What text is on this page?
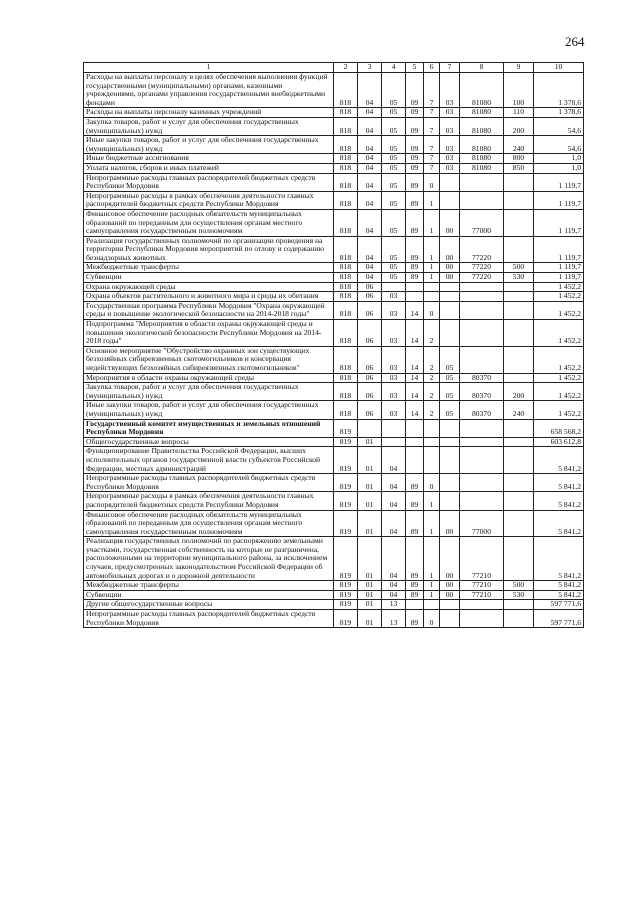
264
1	2	3	4	5	6	7	8	9	10
Расходы на выплаты персоналу в целях обеспечения выполнения функций государственными (муниципальными) органами, казенными учреждениями, органами управления государственными внебюджетными фондами	818	04	05	09	7	03	81080	100	1 378,6
Расходы на выплаты персоналу казенных учреждений	818	04	05	09	7	03	81080	110	1 378,6
Закупка товаров, работ и услуг для обеспечения государственных (муниципальных) нужд	818	04	05	09	7	03	81080	200	54,6
Иные закупки товаров, работ и услуг для обеспечения государственных (муниципальных) нужд	818	04	05	09	7	03	81080	240	54,6
Иные бюджетные ассигнования	818	04	05	09	7	03	81080	800	1,0
Уплата налогов, сборов и иных платежей	818	04	05	09	7	03	81080	850	1,0
Непрограммные расходы главных распорядителей бюджетных средств Республики Мордовия	818	04	05	89	0				1 119,7
Непрограммные расходы в рамках обеспечения деятельности главных распорядителей бюджетных средств Республики Мордовия	818	04	05	89	1				1 119,7
Финансовое обеспечение расходных обязательств муниципальных образований по переданным для осуществления органам местного самоуправления государственным полномочиям	818	04	05	89	1	00	77000		1 119,7
Реализация государственных полномочий по организации проведения на территории Республики Мордовия мероприятий по отлову и содержанию безнадзорных животных	818	04	05	89	1	00	77220		1 119,7
Межбюджетные трансферты	818	04	05	89	1	00	77220	500	1 119,7
Субвенции	818	04	05	89	1	00	77220	530	1 119,7
Охрана окружающей среды	818	06							1 452,2
Охрана объектов растительного и животного мира и среды их обитания	818	06	03						1 452,2
Государственная программа Республики Мордовия "Охрана окружающей среды и повышение экологической безопасности на 2014-2018 годы"	818	06	03	14	0				1 452,2
Подпрограмма "Мероприятия в области охраны окружающей среды и повышения экологической безопасности Республики Мордовия на 2014-2018 годы"	818	06	03	14	2				1 452,2
Основное мероприятие "Обустройство охранных зон существующих безхозяйных сибиреязвенных скотомогильников и консервация недействующих безхозяйных сибиреязвенных скотомогильников"	818	06	03	14	2	05			1 452,2
Мероприятия в области охраны окружающей среды	818	06	03	14	2	05	80370		1 452,2
Закупка товаров, работ и услуг для обеспечения государственных (муниципальных) нужд	818	06	03	14	2	05	80370	200	1 452,2
Иные закупки товаров, работ и услуг для обеспечения государственных (муниципальных) нужд	818	06	03	14	2	05	80370	240	1 452,2
Государственный комитет имущественных и земельных отношений Республики Мордовия	819								658 568,2
Общегосударственные вопросы	819	01							603 612,8
Функционирование Правительства Российской Федерации, высших исполнительных органов государственной власти субъектов Российской Федерации, местных администраций	819	01	04						5 841,2
Непрограммные расходы главных распорядителей бюджетных средств Республики Мордовия	819	01	04	89	0				5 841,2
Непрограммные расходы в рамках обеспечения деятельности главных распорядителей бюджетных средств Республики Мордовия	819	01	04	89	1				5 841,2
Финансовое обеспечение расходных обязательств муниципальных образований по переданным для осуществления органам местного самоуправления государственным полномочиям	819	01	04	89	1	00	77000		5 841,2
Реализация государственных полномочий по распоряжению земельными участками, государственная собственность на которые не разграничена, расположенными на территории муниципального района, за исключением случаев, предусмотренных законодательством Российской Федерации об автомобильных дорогах и о дорожной деятельности	819	01	04	89	1	00	77210		5 841,2
Межбюджетные трансферты	819	01	04	89	1	00	77210	500	5 841,2
Субвенции	819	01	04	89	1	00	77210	530	5 841,2
Другие общегосударственные вопросы	819	01	13						597 771,6
Непрограммные расходы главных распорядителей бюджетных средств Республики Мордовия	819	01	13	89	0				597 771,6
